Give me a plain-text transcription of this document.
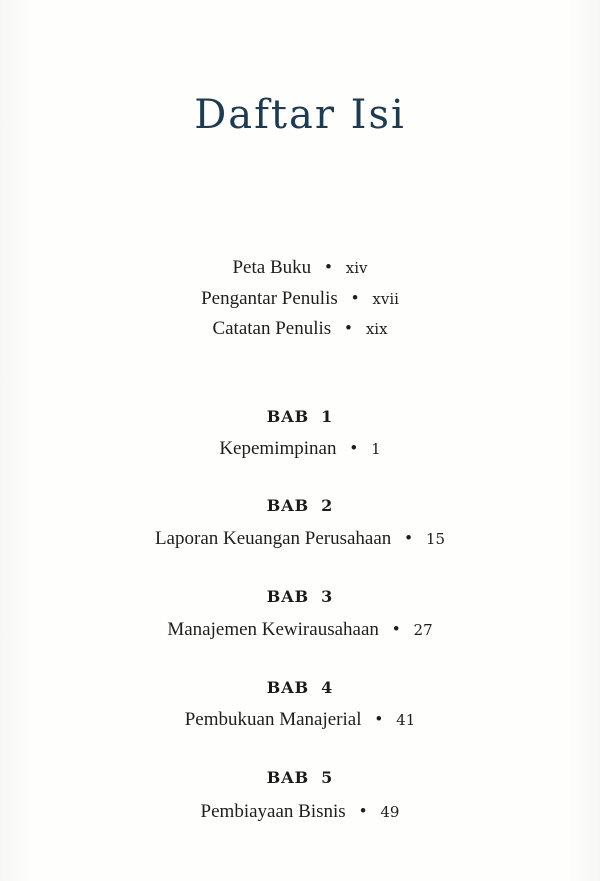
Daftar Isi
Peta Buku • xiv
Pengantar Penulis • xvii
Catatan Penulis • xix
BAB 1
Kepemimpinan • 1
BAB 2
Laporan Keuangan Perusahaan • 15
BAB 3
Manajemen Kewirausahaan • 27
BAB 4
Pembukuan Manajerial • 41
BAB 5
Pembiayaan Bisnis • 49
